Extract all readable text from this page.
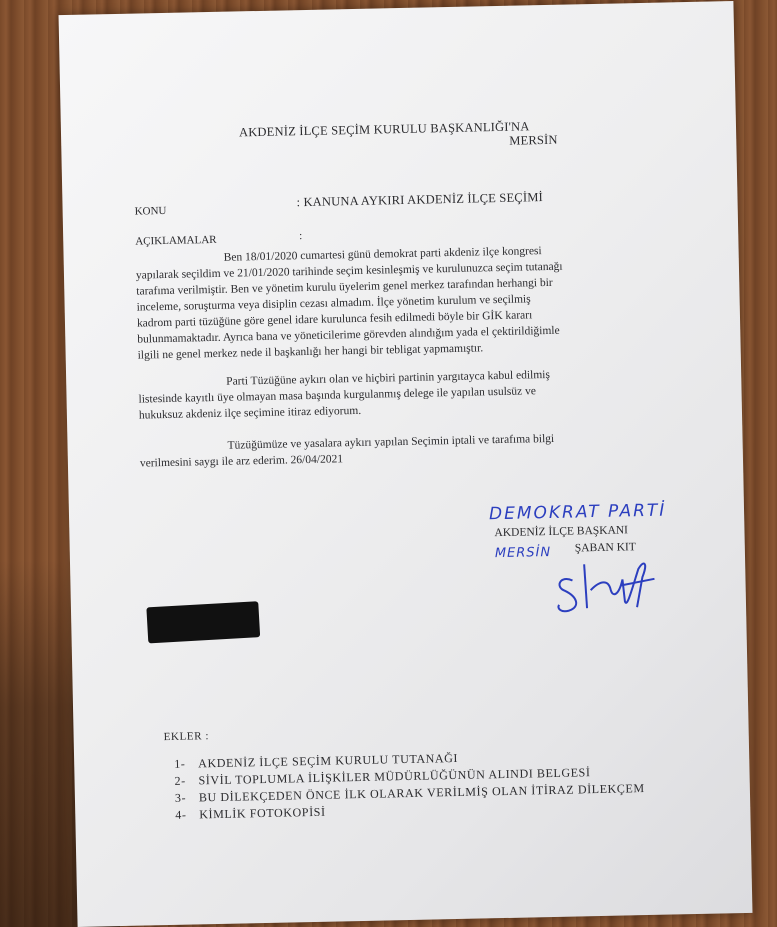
AKDENİZ İLÇE SEÇİM KURULU BAŞKANLIĞI'NA
MERSİN
KONU
: KANUNA AYKIRI AKDENİZ İLÇE SEÇİMİ
AÇIKLAMALAR	:
Ben 18/01/2020 cumartesi günü demokrat parti akdeniz ilçe kongresi
yapılarak seçildim ve 21/01/2020 tarihinde seçim kesinleşmiş ve kurulunuzca seçim tutanağı
tarafıma verilmiştir. Ben ve yönetim kurulu üyelerim genel merkez tarafından herhangi bir
inceleme, soruşturma veya disiplin cezası almadım. İlçe yönetim kurulum ve seçilmiş
kadrom parti tüzüğüne göre genel idare kurulunca fesih edilmedi böyle bir GİK kararı
bulunmamaktadır. Ayrıca bana ve yöneticilerime görevden alındığım yada el çektirildiğimle
ilgili ne genel merkez nede il başkanlığı her hangi bir tebligat yapmamıştır.
Parti Tüzüğüne aykırı olan ve hiçbiri partinin yargıtayca kabul edilmiş
listesinde kayıtlı üye olmayan masa başında kurgulanmış delege ile yapılan usulsüz ve
hukuksuz akdeniz ilçe seçimine itiraz ediyorum.
Tüzüğümüze ve yasalara aykırı yapılan Seçimin iptali ve tarafıma bilgi
verilmesini saygı ile arz ederim. 26/04/2021
DEMOKRAT PARTİ
AKDENİZ İLÇE BAŞKANI
MERSİN ŞABAN KIT
EKLER :
1- AKDENİZ İLÇE SEÇİM KURULU TUTANAĞI
2- SİVİL TOPLUMLA İLİŞKİLER MÜDÜRLÜĞÜNÜN ALINDI BELGESİ
3- BU DİLEKÇEDEN ÖNCE İLK OLARAK VERİLMİŞ OLAN İTİRAZ DİLEKÇEM
4- KİMLİK FOTOKOPİSİ
